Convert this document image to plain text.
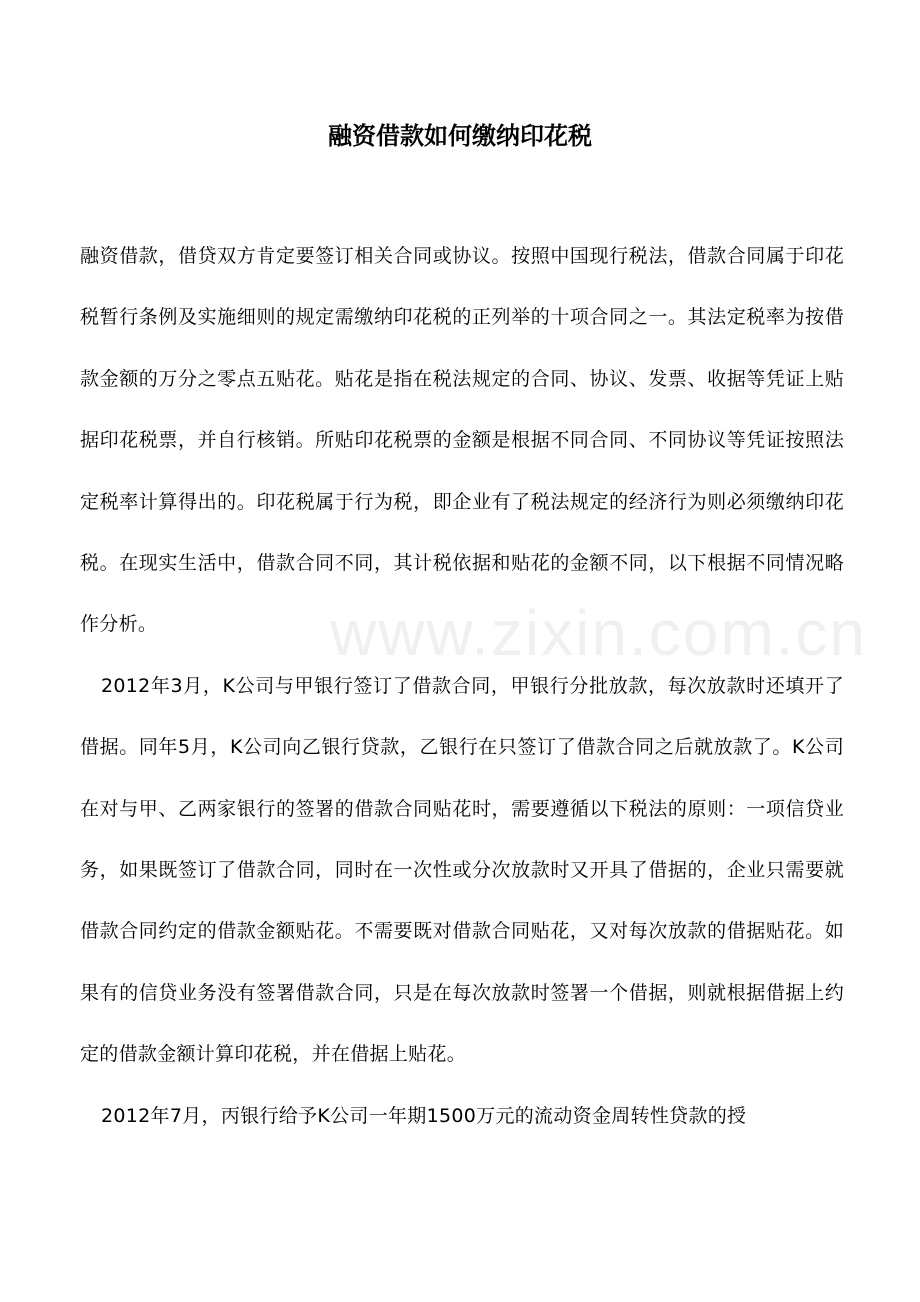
融资借款如何缴纳印花税
www.zixin.com.cn

融资借款，借贷双方肯定要签订相关合同或协议。按照中国现行税法，借款合同属于印花税暂行条例及实施细则的规定需缴纳印花税的正列举的十项合同之一。其法定税率为按借款金额的万分之零点五贴花。贴花是指在税法规定的合同、协议、发票、收据等凭证上贴据印花税票，并自行核销。所贴印花税票的金额是根据不同合同、不同协议等凭证按照法定税率计算得出的。印花税属于行为税，即企业有了税法规定的经济行为则必须缴纳印花税。在现实生活中，借款合同不同，其计税依据和贴花的金额不同，以下根据不同情况略作分析。

2012年3月，K公司与甲银行签订了借款合同，甲银行分批放款，每次放款时还填开了借据。同年5月，K公司向乙银行贷款，乙银行在只签订了借款合同之后就放款了。K公司在对与甲、乙两家银行的签署的借款合同贴花时，需要遵循以下税法的原则：一项信贷业务，如果既签订了借款合同，同时在一次性或分次放款时又开具了借据的，企业只需要就借款合同约定的借款金额贴花。不需要既对借款合同贴花，又对每次放款的借据贴花。如果有的信贷业务没有签署借款合同，只是在每次放款时签署一个借据，则就根据借据上约定的借款金额计算印花税，并在借据上贴花。

2012年7月，丙银行给予K公司一年期1500万元的流动资金周转性贷款的授
